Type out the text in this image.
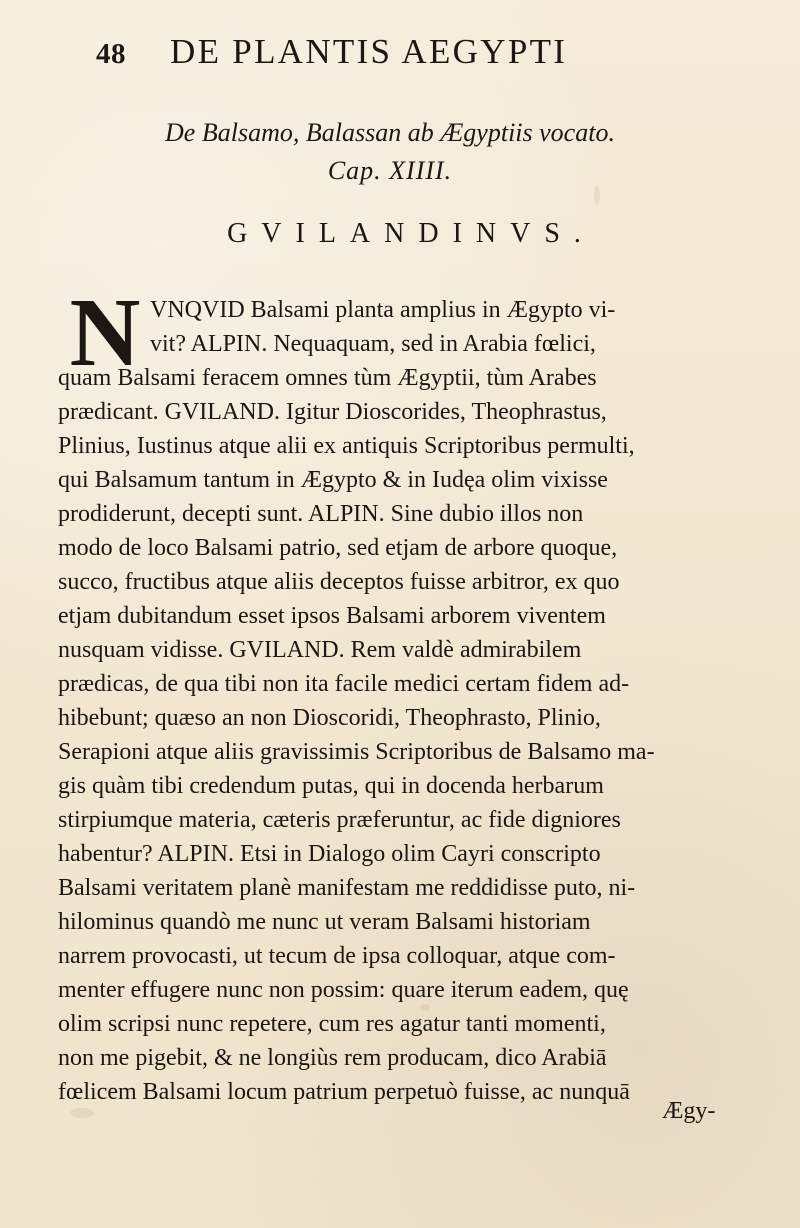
48 DE PLANTIS AEGYPTI
De Balsamo, Balassan ab Ægyptiis vocato.
Cap. XIIII.
GVILANDINVS.
N VNQVID Balsami planta amplius in Ægypto vi-
vit? ALPIN. Nequaquam, sed in Arabia fœlici,
quam Balsami feracem omnes tùm Ægyptii, tùm Arabes
prædicant. GVILAND. Igitur Dioscorides, Theophrastus,
Plinius, Iustinus atque alii ex antiquis Scriptoribus permulti,
qui Balsamum tantum in Ægypto & in Iudęa olim vixisse
prodiderunt, decepti sunt. ALPIN. Sine dubio illos non
modo de loco Balsami patrio, sed etjam de arbore quoque,
succo, fructibus atque aliis deceptos fuisse arbitror, ex quo
etjam dubitandum esset ipsos Balsami arborem viventem
nusquam vidisse. GVILAND. Rem valdè admirabilem
prædicas, de qua tibi non ita facile medici certam fidem ad-
hibebunt; quæso an non Dioscoridi, Theophrasto, Plinio,
Serapioni atque aliis gravissimis Scriptoribus de Balsamo ma-
gis quàm tibi credendum putas, qui in docenda herbarum
stirpiumque materia, cæteris præferuntur, ac fide digniores
habentur? ALPIN. Etsi in Dialogo olim Cayri conscripto
Balsami veritatem planè manifestam me reddidisse puto, ni-
hilominus quandò me nunc ut veram Balsami historiam
narrem provocasti, ut tecum de ipsa colloquar, atque com-
menter effugere nunc non possim: quare iterum eadem, quę
olim scripsi nunc repetere, cum res agatur tanti momenti,
non me pigebit, & ne longiùs rem producam, dico Arabiā
fœlicem Balsami locum patrium perpetuò fuisse, ac nunquā
Ægy-
